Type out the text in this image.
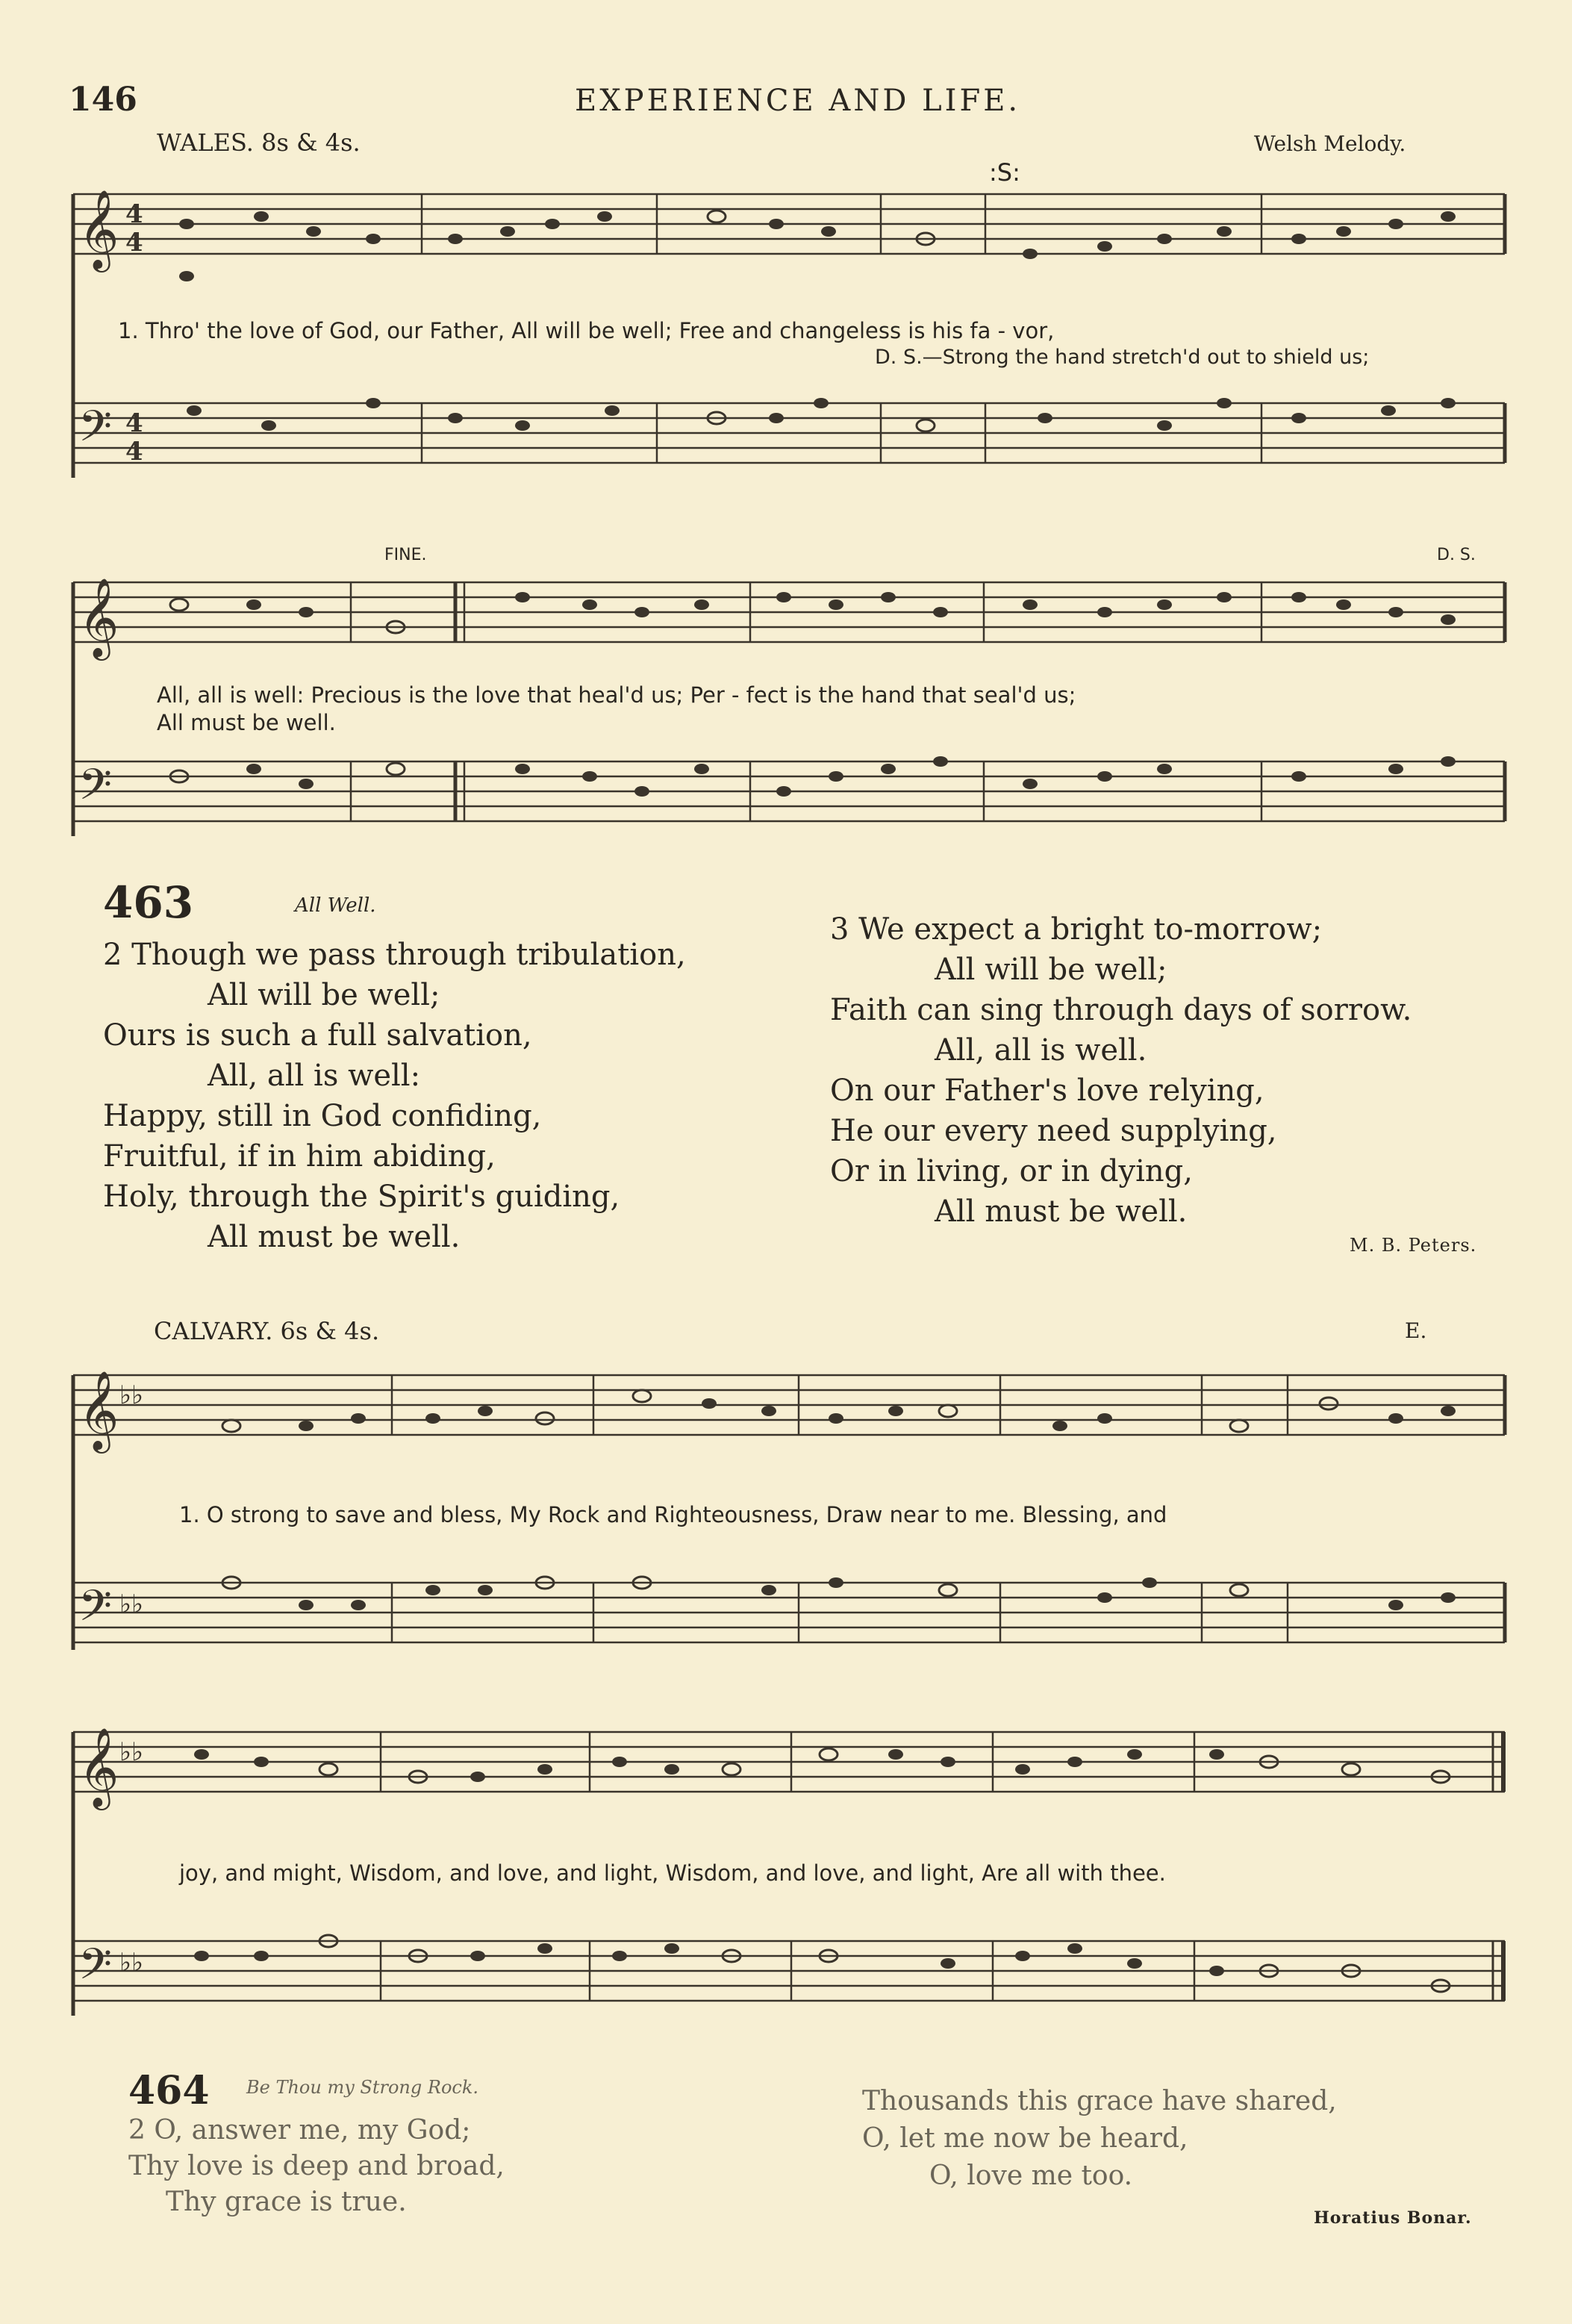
146	EXPERIENCE AND LIFE.
WALES. 8s & 4s.	Welsh Melody.
:S:
𝄞 4
4
𝄢 4
4
1. Thro' the love of God, our Father, All will be well; Free and changeless is his fa - vor,
D. S.—Strong the hand stretch'd out to shield us;
FINE.	D. S.
𝄞
𝄢
All, all is well: Precious is the love that heal'd us; Per - fect is the hand that seal'd us;
All must be well.
463	All Well.
2 Though we pass through tribulation,
All will be well;
Ours is such a full salvation,
All, all is well:
Happy, still in God confiding,
Fruitful, if in him abiding,
Holy, through the Spirit's guiding,
All must be well.
3 We expect a bright to-morrow;
All will be well;
Faith can sing through days of sorrow.
All, all is well.
On our Father's love relying,
He our every need supplying,
Or in living, or in dying,
All must be well.
M. B. Peters.
CALVARY. 6s & 4s.	E.
𝄞 ♭♭
𝄢 ♭♭
1. O strong to save and bless, My Rock and Righteousness, Draw near to me. Blessing, and
𝄞 ♭♭
𝄢 ♭♭
joy, and might, Wisdom, and love, and light, Wisdom, and love, and light, Are all with thee.
464 Be Thou my Strong Rock.
2 O, answer me, my God;
Thy love is deep and broad,
Thy grace is true.
Thousands this grace have shared,
O, let me now be heard,
O, love me too.
Horatius Bonar.
